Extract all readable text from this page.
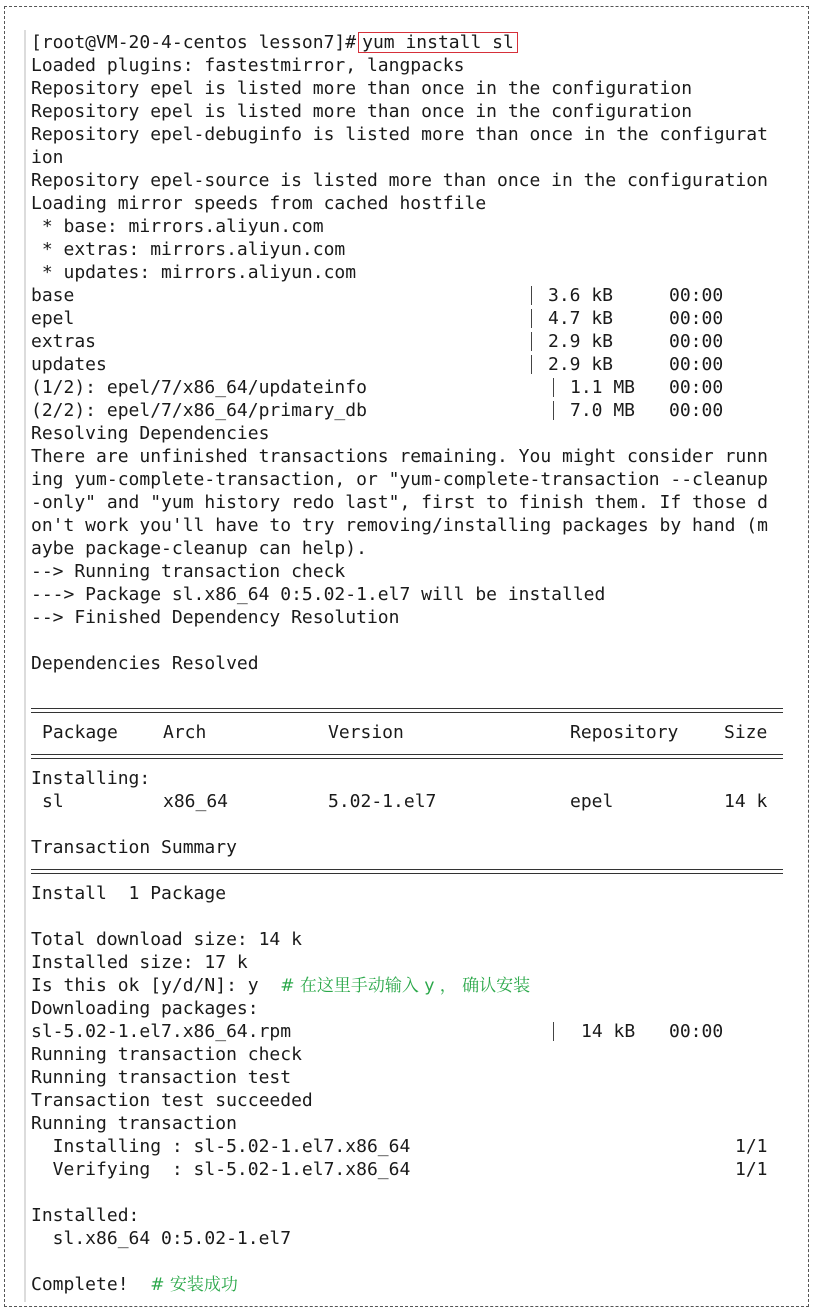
[root@VM-20-4-centos lesson7]# yum install sl
Loaded plugins: fastestmirror, langpacks
Repository epel is listed more than once in the configuration
Repository epel is listed more than once in the configuration
Repository epel-debuginfo is listed more than once in the configurat
ion
Repository epel-source is listed more than once in the configuration
Loading mirror speeds from cached hostfile
* base: mirrors.aliyun.com
* extras: mirrors.aliyun.com
* updates: mirrors.aliyun.com
base	3.6 kB	00:00
epel	4.7 kB	00:00
extras	2.9 kB	00:00
updates	2.9 kB	00:00
(1/2): epel/7/x86_64/updateinfo	1.1 MB 00:00
(2/2): epel/7/x86_64/primary_db	7.0 MB 00:00
Resolving Dependencies
There are unfinished transactions remaining. You might consider runn
ing yum-complete-transaction, or "yum-complete-transaction --cleanup
-only" and "yum history redo last", first to finish them. If those d
on't work you'll have to try removing/installing packages by hand (m
aybe package-cleanup can help).
--> Running transaction check
---> Package sl.x86_64 0:5.02-1.el7 will be installed
--> Finished Dependency Resolution
Dependencies Resolved
Package	Arch	Version	Repository	Size
Installing:
sl	x86_64	5.02-1.el7	epel	14 k
Transaction Summary
Install  1 Package
Total download size: 14 k
Installed size: 17 k
Is this ok [y/d/N]: y # 在这里手动输入 y ， 确认安装
Downloading packages:
sl-5.02-1.el7.x86_64.rpm	14 kB 00:00
Running transaction check
Running transaction test
Transaction test succeeded
Running transaction
Installing : sl-5.02-1.el7.x86_64	1/1
Verifying  : sl-5.02-1.el7.x86_64	1/1
Installed:
sl.x86_64 0:5.02-1.el7
Complete! # 安装成功
